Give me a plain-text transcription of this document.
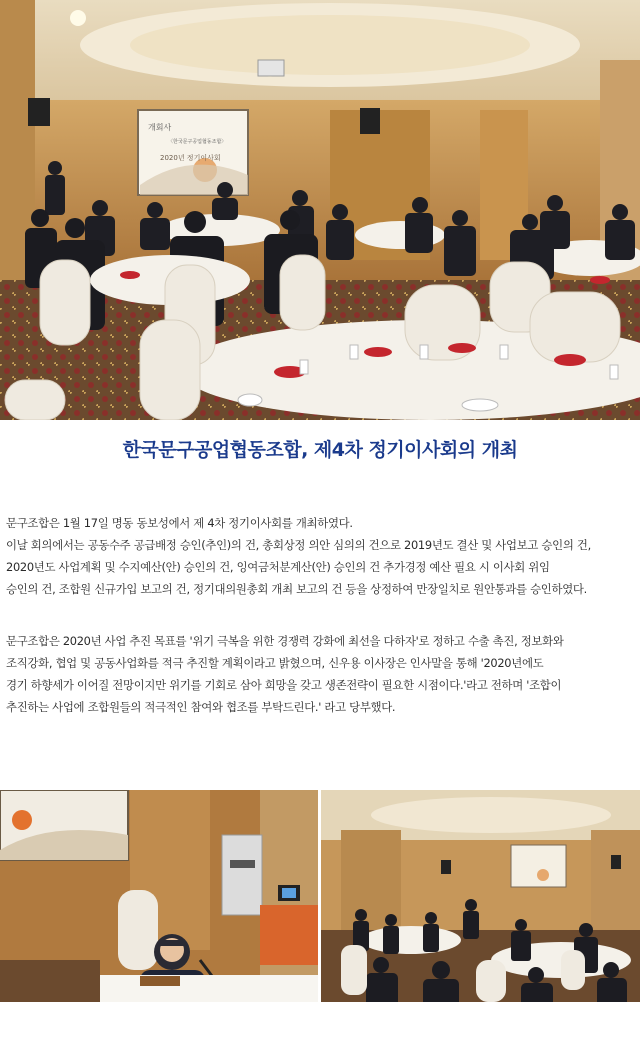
개회사
〈한국문구공업협동조합〉
2020년 정기이사회
한국문구공업협동조합, 제4차 정기이사회의 개최

문구조합은 1월 17일 명동 동보성에서 제 4차 정기이사회를 개최하였다.

이날 회의에서는 공동수주 공급배정 승인(추인)의 건, 총회상정 의안 심의의 건으로 2019년도 결산 및 사업보고 승인의 건,

2020년도 사업계획 및 수지예산(안) 승인의 건, 잉여금처분계산(안) 승인의 건 추가경정 예산 필요 시 이사회 위임

승인의 건, 조합원 신규가입 보고의 건, 정기대의원총회 개최 보고의 건 등을 상정하여 만장일치로 원안통과를 승인하였다.

문구조합은 2020년 사업 추진 목표를 '위기 극복을 위한 경쟁력 강화에 최선을 다하자'로 정하고 수출 촉진, 정보화와

조직강화, 협업 및 공동사업화를 적극 추진할 계획이라고 밝혔으며, 신우용 이사장은 인사말을 통해 '2020년에도

경기 하향세가 이어질 전망이지만 위기를 기회로 삼아 희망을 갖고 생존전략이 필요한 시점이다.'라고 전하며 '조합이

추진하는 사업에 조합원들의 적극적인 참여와 협조를 부탁드린다.' 라고 당부했다.
